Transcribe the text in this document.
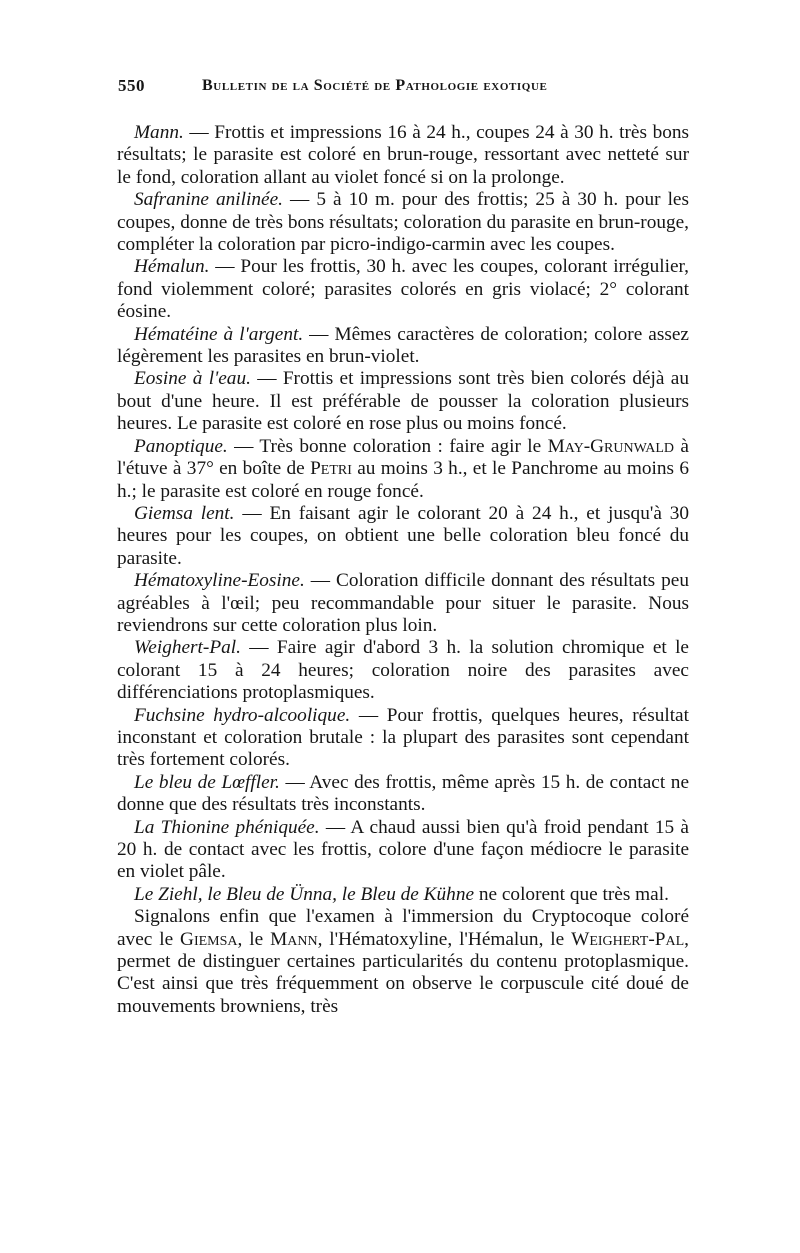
550	Bulletin de la Société de Pathologie exotique

Mann. — Frottis et impressions 16 à 24 h., coupes 24 à 30 h. très bons résultats; le parasite est coloré en brun-rouge, ressortant avec netteté sur le fond, coloration allant au violet foncé si on la prolonge.

Safranine anilinée. — 5 à 10 m. pour des frottis; 25 à 30 h. pour les coupes, donne de très bons résultats; coloration du parasite en brun-rouge, compléter la coloration par picro-indigo-carmin avec les coupes.

Hémalun. — Pour les frottis, 30 h. avec les coupes, colorant irrégulier, fond violemment coloré; parasites colorés en gris violacé; 2° colorant éosine.

Hématéine à l'argent. — Mêmes caractères de coloration; colore assez légèrement les parasites en brun-violet.

Eosine à l'eau. — Frottis et impressions sont très bien colorés déjà au bout d'une heure. Il est préférable de pousser la coloration plusieurs heures. Le parasite est coloré en rose plus ou moins foncé.

Panoptique. — Très bonne coloration : faire agir le May-Grunwald à l'étuve à 37° en boîte de Petri au moins 3 h., et le Panchrome au moins 6 h.; le parasite est coloré en rouge foncé.

Giemsa lent. — En faisant agir le colorant 20 à 24 h., et jusqu'à 30 heures pour les coupes, on obtient une belle coloration bleu foncé du parasite.

Hématoxyline-Eosine. — Coloration difficile donnant des résultats peu agréables à l'œil; peu recommandable pour situer le parasite. Nous reviendrons sur cette coloration plus loin.

Weighert-Pal. — Faire agir d'abord 3 h. la solution chromique et le colorant 15 à 24 heures; coloration noire des parasites avec différenciations protoplasmiques.

Fuchsine hydro-alcoolique. — Pour frottis, quelques heures, résultat inconstant et coloration brutale : la plupart des parasites sont cependant très fortement colorés.

Le bleu de Lœffler. — Avec des frottis, même après 15 h. de contact ne donne que des résultats très inconstants.

La Thionine phéniquée. — A chaud aussi bien qu'à froid pendant 15 à 20 h. de contact avec les frottis, colore d'une façon médiocre le parasite en violet pâle.

Le Ziehl, le Bleu de Ünna, le Bleu de Kühne ne colorent que très mal.

Signalons enfin que l'examen à l'immersion du Cryptocoque coloré avec le Giemsa, le Mann, l'Hématoxyline, l'Hémalun, le Weighert-Pal, permet de distinguer certaines particularités du contenu protoplasmique. C'est ainsi que très fréquemment on observe le corpuscule cité doué de mouvements browniens, très
